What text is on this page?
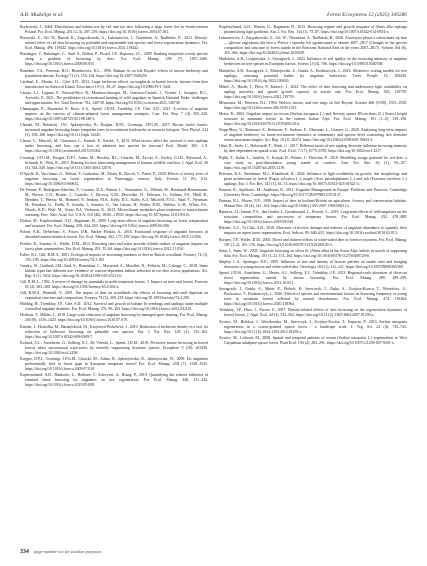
A.B. Mudalige et al.	Forest Ecosystems 12 (2025) 100286

Borkowski, J., 2004. Distribution and habitat use by red and roe deer following a large forest fire in South-western Poland. For. Ecol. Manag. 201 (2–3), 287–293. https://doi.org/10.1016/j.foreco.2004.07.011.

Borowski, Z., Gil, W., Bartoń, K., Zajączkowski, G., Łukaszewicz, J., Tittenbrun, A., Radliński, B., 2021. Density-related effect of red deer browsing on palatable and unpalatable tree species and forest regeneration dynamics. For. Ecol. Manag. 496, 119442. https://doi.org/10.1016/j.foreco.2021.119442.

Boulanger, V., Baltzinger, C., Saïd, S., Ballon, P., Picard, J.F., Dupouey, J.L., 2009. Ranking temperate woody species along a gradient of browsing by deer. For. Ecol. Manag. 258 (7), 1397–1406. https://doi.org/10.1016/j.foreco.2009.06.055.

Brandner, T.A., Peterson, R.O., Risenhoover, K.L., 1990. Balsam fir on Isle Royale: effects of moose herbivory and population density. Ecology 71 (1), 155–164. https://doi.org/10.2307/1940256.

Cardinal, E., Martin, J.L., Côté, S.D., 2012. Large herbivore effects on songbirds in boreal forests: lessons from deer introduction on Anticosti Island. Ecoscience 19 (1), 38–47. https://doi.org/10.2980/19-1-3441.

Carpio, A.J., Laguna, E., Pascual-Rico, R., Martínez-Jauregui, M., Guerrero-Casado, J., Vicente, J., Soriguer, R.C., Acevedo, P., 2021. The prohibition of recreational hunting of wild ungulates in Spanish National Parks: challenges and opportunities. Sci. Total Environ. 782, 146738. https://doi.org/10.1016/j.scitotenv.2021.146738.

Champagne, E., Raymond, P., Royo, A.A., Speed, J.D.M., Tremblay, J.P., Côté, S.D., 2021. A review of ungulate impacts on the success of climate-adapted forest management strategies. Curr. For. Rep. 7 (4), 305–320. https://doi.org/10.1007/s40725-021-00148-5.

Churski, M., Bubnicki, J.W., Jędrzejewska, B., Kuijper, D.P.J., Cromsigt, J.P.G.M., 2017. Brown world forests: increased ungulate browsing keeps temperate trees in recruitment bottlenecks in resource hotspots. New Phytol. 214 (1), 158–168. https://doi.org/10.1111/nph.14345.

Clasen, C., Heurich, M., Glaesener, L., Kennel, E., Knoke, T., 2015. What factors affect the survival of tree saplings under browsing, and how can a loss of admixed tree species be forecast? Ecol. Model. 305, 1–9. https://doi.org/10.1016/j.ecolmodel.2015.03.002.

Cromsigt, J.P.G.M., Kuijper, D.P.J., Adam, M., Beschta, R.L., Churski, M., Eycott, A., Kerley, G.I.H., Mysterud, A., Schmidt, K., West, K., 2013. Hunting for fear: innovating management of human–wildlife conflicts. J. Appl. Ecol. 50 (3), 544–549. https://doi.org/10.1111/1365-2664.12076.

D'Aprile, D., Vacchiano, G., Meloni, F., Garbarino, M., Motta, R., Ducoli, V., Partel, P., 2020. Effects of twenty years of ungulate browsing on forest regeneration at Paneveggio reserve, Italy. Forests 11 (6), 612. https://doi.org/10.3390/f11060612.

De Frenne, P., Rodríguez-Sánchez, F., Coomes, D.A., Baeten, L., Verstraeten, G., Vellend, M., Bernhardt-Römermann, M., Brown, C.D., Brunet, J., Cornelis, J., Decocq, G.M., Dierschke, H., Eriksson, O., Gilliam, F.S., Hédl, R., Heinken, T., Hermy, M., Hommel, P., Jenkins, M.A., Kelly, D.L., Kirby, K.J., Mitchell, F.J.G., Naaf, T., Newman, M., Peterken, G., Petřík, P., Schultz, J., Sonnier, G., Van Calster, H., Waller, D.M., Walther, G.-R., White, P.S., Woods, K.D., Wulf, M., Graae, B.J., Verheyen, K., 2013. Microclimate moderates plant responses to macroclimate warming. Proc. Natl. Acad. Sci. U.S.A. 110 (46), 18561–18565. https://doi.org/10.1073/pnas.1311190110.

Didion, M., Kupferschmid, A.D., Bugmann, H., 2009. Long-term effects of ungulate browsing on forest composition and structure. For. Ecol. Manag. 258, S44–S55. https://doi.org/10.1016/j.foreco.2009.06.006.

Faison, E.K., DeStefano, S., Foster, D.R., Barker Plotkin, A., 2016. Functional response of ungulate browsers in disturbed eastern hemlock forests. For. Ecol. Manag. 362, 177–183. https://doi.org/10.1016/j.foreco.2015.12.004.

Frerker, K., Sonnier, G., Waller, D.M., 2013. Browsing rates and ratios provide reliable indices of ungulate impacts on forest plant communities. For. Ecol. Manag. 291, 55–64. https://doi.org/10.1016/j.foreco.2012.11.054.

Fuller, R.J., Gill, R.M.A., 2001. Ecological impacts of increasing numbers of deer in British woodland. Forestry 74 (3), 193–199. https://doi.org/10.1093/forestry/74.3.193.

Gaudry, W., Gaillard, J.M., Saïd, S., Bonenfant, C., Mysterud, A., Morellet, N., Pellerin, M., Calenge, C., 2018. Same habitat types but different use: evidence of context-dependent habitat selection in roe deer across populations. Sci. Rep. 8 (1), 5102. https://doi.org/10.1038/s41598-018-23111-0.

Gill, R.M.A., 1992. A review of damage by mammals in north temperate forests: 3. Impact on trees and forests. Forestry 65 (4), 363–388. https://doi.org/10.1093/forestry/65.4.363-a.

Gill, R.M.A., Beardall, V., 2001. The impact of deer on woodlands: the effects of browsing and seed dispersal on vegetation structure and composition. Forestry 74 (3), 209–218. https://doi.org/10.1093/forestry/74.3.209.

Hidding, B., Tremblay, J.P., Côté, S.D., 2012. Survival and growth of balsam fir seedlings and saplings under multiple controlled ungulate densities. For. Ecol. Manag. 276, 96–103. https://doi.org/10.1016/j.foreco.2012.03.025.

Hothorn, T., Müller, J., 2010. Large-scale reduction of ungulate browsing by managed sport hunting. For. Ecol. Manag. 260 (9), 1416–1423. https://doi.org/10.1016/j.foreco.2010.07.019.

Kamler, J., Homolka, M., Barančeková, M., Krojerová-Prokešová, J., 2010. Reduction of herbivore density as a tool for reduction of herbivore browsing on palatable tree species. Eur. J. For. Res. 129 (2), 155–162. https://doi.org/10.1007/s10342-009-0309-7.

Kolstad, A.L., Austrheim, G., Solberg, E.J., De Vriendt, L., Speed, J.D.M., 2018. Pervasive moose browsing in boreal forests alters successional trajectories by severely suppressing keystone species. Ecosphere 9 (10), e02458. https://doi.org/10.1002/ecs2.2458.

Kuijper, D.P.J., Cromsigt, J.P.G.M., Churski, M., Adam, B., Jędrzejewska, B., Jędrzejewski, W., 2009. Do ungulates preferentially feed in forest gaps in European temperate forest? For. Ecol. Manag. 258 (7), 1528–1535. https://doi.org/10.1016/j.foreco.2009.07.010.

Kupferschmid, A.D., Bütikofer, L., Hothorn, T., Schwyzer, A., Brang, P., 2019. Quantifying the relative influence of terminal shoot browsing by ungulates on tree regeneration. For. Ecol. Manag. 446, 331–344. https://doi.org/10.1016/j.foreco.2019.05.009.

Kupferschmid, A.D., Wasem, U., Bugmann, H., 2015. Browsing regime and growth response of Abies alba saplings planted along light gradients. Eur. J. For. Res. 134 (1), 75–87. https://doi.org/10.1007/s10342-014-0834-x.

Łukaszewicz, J., Zajączkowski, G., Gil, W., Tittenbrun, A., Radliński, B., 2020. Zwierzyna płowa a odnawianie się lasu — główne zagrożenia dla lasu w Polsce i sposoby ich ograniczania w okresie 2007–2017 [Changes in the species composition and structure of forest stands in the Bozcsme National Park in the years 2007–2017]. Sylwan 164 (6), 455–464. https://doi.org/10.26202/sylwan.2020049.

Madalcho, A.B., Czapiewska, J., Szwagrzyk, J., 2024. Influence of soil quality on the browsing intensity of ungulate herbivores on tree species in European forests. Forests 15 (4), 708. https://doi.org/10.3390/f15040708.

Madalcho, A.B., Szwagrzyk, J., Maciejewski, Z., Gazda, A., Bodziarczyk, J., 2023. Allometric scaling models for tree saplings: assessing potential fodder for ungulate herbivores. Trees People 13, 100430. https://doi.org/10.1016/j.tfp.2023.100430.

Mikeš, A., Horák, J., Plíva, P., Kadavý, J., 2022. The effect of deer browsing and understorey light availability on sapling mortality and spread growth capacity in sessile oak. For. Ecol. Manag. 503, 119759. https://doi.org/10.1016/j.foreco.2021.119759.

Miyazawa, M., Petersen, D.J., 1994. Wolves, moose, and tree rings on Isle Royale. Science 266 (5190), 1555–1558. https://doi.org/10.1126/science.266.5190.1555.

Motta, R., 2003. Ungulate impact on rowan (Sorbus aucuparia L.) and Norway spruce (Picea abies (L.) Karst.) height structure in mountain forests in the eastern Italian Alps. For. Ecol. Manag. 181 (1–2), 139–150. https://doi.org/10.1016/S0378-1127(03)00128-4.

Nopp-Mayr, U., Reimoser, S., Reimoser, F., Sachser, F., Obermair, L., Gratzer, G., 2020. Analyzing long-term impacts of ungulate herbivory on forest-recruitment dynamics at community and species level contrasting tree densities versus maximum heights. Sci. Rep. 10 (1), 20274. https://doi.org/10.1038/s41598-020-76843-3.

Ohse, B., Seele, C., Holzwarth, F., Wirth, C., 2017. Different facets of tree sapling diversity influence browsing intensity by deer dependent on spatial scale. Ecol. Evol. 7 (17), 6779–6789. https://doi.org/10.1002/ece3.3217.

Pajlik, T., Kulla, L., Janíček, V., Kurjak, D., Pittner, J., Fleischer, P., 2019. Modelling forage potential for red deer: a case study in post-disturbance young stands of conifers. Ann. For. Res. 62 (1), 93–107. https://doi.org/10.15287/afr.2018.1219.

Petersen, K.S., Steinbauer, M.J., Klanderud, K., 2024. Influence of light availability on growth, leaf morphology and plant architecture of beech (Fagus sylvatica L.), maple (Acer pseudoplatanus L.) and ash (Fraxinus excelsior L.) saplings. Eur. J. For. Res. 143 (1), 61–74. https://doi.org/10.1007/s10342-023-01622-4.

Putman, R., Apollonio, M., Andersen, R., 2011. Ungulate Management in Europe: Problems and Practices. Cambridge University Press, Cambridge. https://doi.org/10.1017/CBO9780511974137.

Putman, R.J., Moore, N.P., 1998. Impact of deer in lowland Britain on agriculture, forestry and conservation habitats. Mamm Rev. 28 (4), 141–164. https://doi.org/10.1046/j.1365-2907.1998.00031.x.

Ramirez, J.I., Jansen, P.A., den Ouden, J., Goudzwaard, L., Poorter, L., 2019. Long-term effects of wild ungulates on the structure, composition and succession of temperate forests. For. Ecol. Manag. 432, 478–488. https://doi.org/10.1016/j.foreco.2018.09.049.

Rhodes, A.C., St Clair, S.B., 2018. Measures of browse damage and indexes of ungulate abundance to quantify their impacts on aspen forest regeneration. Ecol. Indicat. 89, 648–655. https://doi.org/10.1016/j.ecolind.2018.02.013.

Rooney, T.P., Waller, D.M., 2003. Direct and indirect effects of white-tailed deer in forest ecosystems. For. Ecol. Manag. 181 (1–2), 165–176. https://doi.org/10.1016/S0378-1127(03)00130-2.

Senn, J., Suter, W., 2003. Ungulate browsing on silver fir (Abies alba) in the Swiss Alps: beliefs in search of supporting data. For. Ecol. Manag. 181 (1–2), 151–164. https://doi.org/10.1016/S0378-1127(03)00129-6.

Shipley, L.A., Spalinger, D.E., 1995. Influence of size and density of browse patches on intake rates and foraging decisions of young moose and white-tailed deer. Oecologia 104 (1), 112–121. https://doi.org/10.1007/BF00365569.

Speed, J.D.M., Austrheim, G., Hester, A.J., Solberg, E.J., Tremblay, J.P., 2013. Regional-scale alteration of clear-cut forest regeneration caused by moose browsing. For. Ecol. Manag. 289, 289–299. https://doi.org/10.1016/j.foreco.2012.10.051.

Szwagrzyk, J., Gazda, A., Muter, E., Pielech, R., Szewczyk, J., Zięba, A., Zwijacz-Kozica, T., Wiertelorz, A., Pachowicz, T., Bodziarczyk, J., 2020. Effects of species and environmental factors on browsing frequency of young trees in mountain forests affected by natural disturbances. For. Ecol. Manag. 474, 118364. https://doi.org/10.1016/j.foreco.2020.118364.

Tremblay, J.P., Huot, J., Potvin, F., 2007. Density-related effects of deer browsing on the regeneration dynamics of boreal forests. J. Appl. Ecol. 44 (3), 552–562. https://doi.org/10.1111/j.1365-2664.2007.01290.x.

Zywiec, M., Holeksa, J., Wesołowska, M., Szewczyk, J., Zwijacz-Kozica, T., Kapusta, P., 2013. Sorbus aucuparia regeneration in a coarse-grained spruce forest - a landscape scale. J. Veg. Sci. 24 (4), 735–743. https://doi.org/10.1111/j.1654-1103.2012.01493.x.

Zywiec, M., Ledwoń, M., 2008. Spatial and temporal patterns of rowan (Sorbus aucuparia L.) regeneration in West Carpathian subalpine spruce forest. Plant Ecol. 194 (2), 283–291. https://doi.org/10.1007/s11258-007-9291-x.

334 page number not for citation purposes
